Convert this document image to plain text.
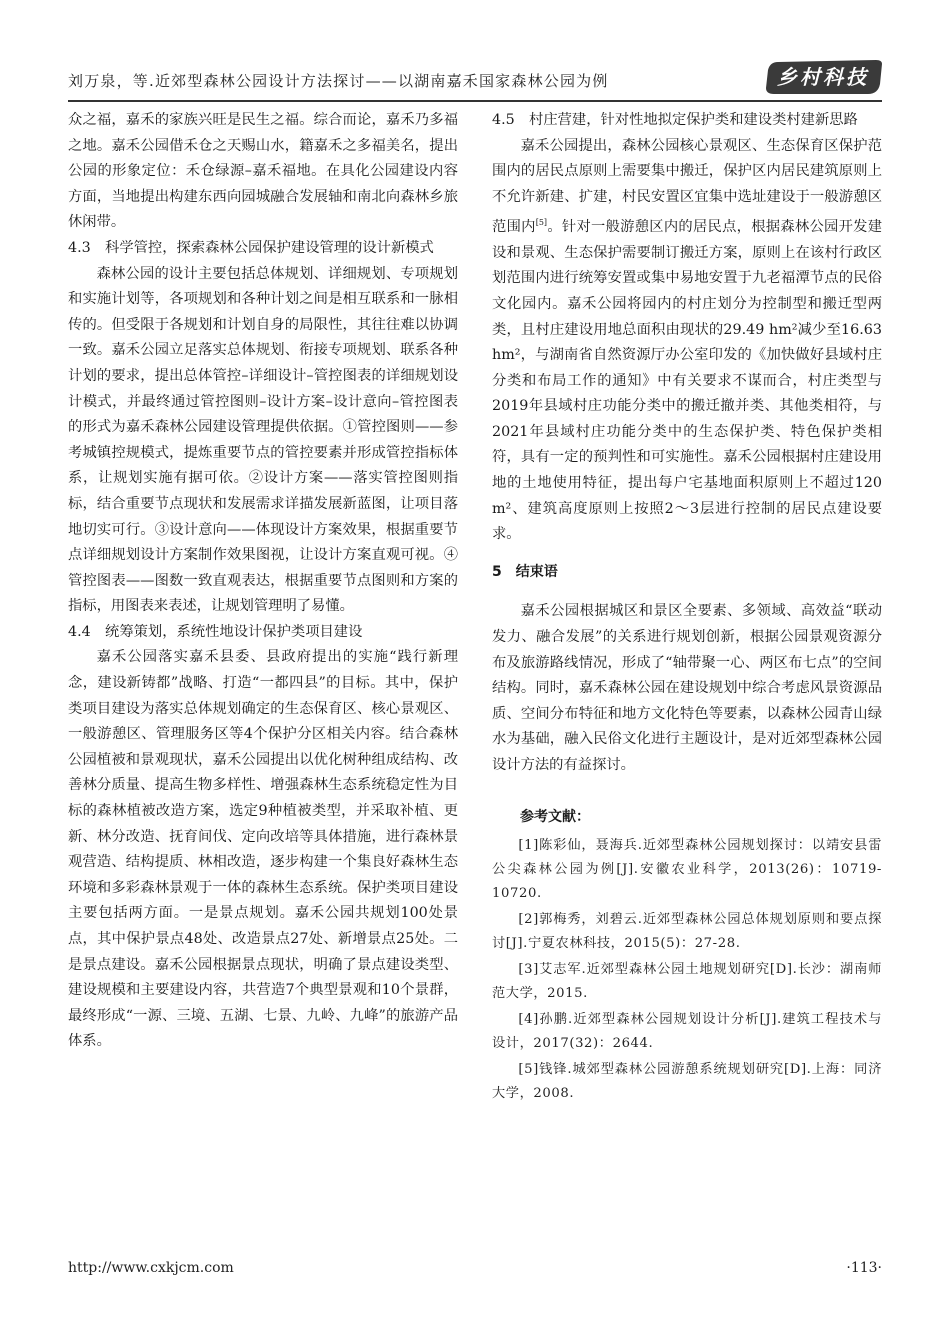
刘万泉，等.近郊型森林公园设计方法探讨——以湖南嘉禾国家森林公园为例	乡村科技

众之福，嘉禾的家族兴旺是民生之福。综合而论，嘉禾乃多福之地。嘉禾公园借禾仓之天赐山水，籍嘉禾之多福美名，提出公园的形象定位：禾仓绿源–嘉禾福地。在具化公园建设内容方面，当地提出构建东西向园城融合发展轴和南北向森林乡旅休闲带。

4.3　科学管控，探索森林公园保护建设管理的设计新模式

森林公园的设计主要包括总体规划、详细规划、专项规划和实施计划等，各项规划和各种计划之间是相互联系和一脉相传的。但受限于各规划和计划自身的局限性，其往往难以协调一致。嘉禾公园立足落实总体规划、衔接专项规划、联系各种计划的要求，提出总体管控–详细设计–管控图表的详细规划设计模式，并最终通过管控图则–设计方案–设计意向–管控图表的形式为嘉禾森林公园建设管理提供依据。①管控图则——参考城镇控规模式，提炼重要节点的管控要素并形成管控指标体系，让规划实施有据可依。②设计方案——落实管控图则指标，结合重要节点现状和发展需求详描发展新蓝图，让项目落地切实可行。③设计意向——体现设计方案效果，根据重要节点详细规划设计方案制作效果图视，让设计方案直观可视。④管控图表——图数一致直观表达，根据重要节点图则和方案的指标，用图表来表述，让规划管理明了易懂。

4.4　统筹策划，系统性地设计保护类项目建设

嘉禾公园落实嘉禾县委、县政府提出的实施“践行新理念，建设新铸都”战略、打造“一都四县”的目标。其中，保护类项目建设为落实总体规划确定的生态保育区、核心景观区、一般游憩区、管理服务区等4个保护分区相关内容。结合森林公园植被和景观现状，嘉禾公园提出以优化树种组成结构、改善林分质量、提高生物多样性、增强森林生态系统稳定性为目标的森林植被改造方案，选定9种植被类型，并采取补植、更新、林分改造、抚育间伐、定向改培等具体措施，进行森林景观营造、结构提质、林相改造，逐步构建一个集良好森林生态环境和多彩森林景观于一体的森林生态系统。保护类项目建设主要包括两方面。一是景点规划。嘉禾公园共规划100处景点，其中保护景点48处、改造景点27处、新增景点25处。二是景点建设。嘉禾公园根据景点现状，明确了景点建设类型、建设规模和主要建设内容，共营造7个典型景观和10个景群，最终形成“一源、三境、五湖、七景、九岭、九峰”的旅游产品体系。

4.5　村庄营建，针对性地拟定保护类和建设类村建新思路

嘉禾公园提出，森林公园核心景观区、生态保育区保护范围内的居民点原则上需要集中搬迁，保护区内居民建筑原则上不允许新建、扩建，村民安置区宜集中选址建设于一般游憩区范围内[5]。针对一般游憩区内的居民点，根据森林公园开发建设和景观、生态保护需要制订搬迁方案，原则上在该村行政区划范围内进行统筹安置或集中易地安置于九老福潭节点的民俗文化园内。嘉禾公园将园内的村庄划分为控制型和搬迁型两类，且村庄建设用地总面积由现状的29.49 hm²减少至16.63 hm²，与湖南省自然资源厅办公室印发的《加快做好县域村庄分类和布局工作的通知》中有关要求不谋而合，村庄类型与2019年县域村庄功能分类中的搬迁撤并类、其他类相符，与2021年县域村庄功能分类中的生态保护类、特色保护类相符，具有一定的预判性和可实施性。嘉禾公园根据村庄建设用地的土地使用特征，提出每户宅基地面积原则上不超过120 m²、建筑高度原则上按照2～3层进行控制的居民点建设要求。

5　结束语

嘉禾公园根据城区和景区全要素、多领域、高效益“联动发力、融合发展”的关系进行规划创新，根据公园景观资源分布及旅游路线情况，形成了“轴带聚一心、两区布七点”的空间结构。同时，嘉禾森林公园在建设规划中综合考虑风景资源品质、空间分布特征和地方文化特色等要素，以森林公园青山绿水为基础，融入民俗文化进行主题设计，是对近郊型森林公园设计方法的有益探讨。

参考文献：

[1]陈彩仙，聂海兵.近郊型森林公园规划探讨：以靖安县雷公尖森林公园为例[J].安徽农业科学，2013(26)：10719-10720.

[2]郭梅秀，刘碧云.近郊型森林公园总体规划原则和要点探讨[J].宁夏农林科技，2015(5)：27-28.

[3]艾志军.近郊型森林公园土地规划研究[D].长沙：湖南师范大学，2015.

[4]孙鹏.近郊型森林公园规划设计分析[J].建筑工程技术与设计，2017(32)：2644.

[5]钱锋.城郊型森林公园游憩系统规划研究[D].上海：同济大学，2008.

http://www.cxkjcm.com	·113·
